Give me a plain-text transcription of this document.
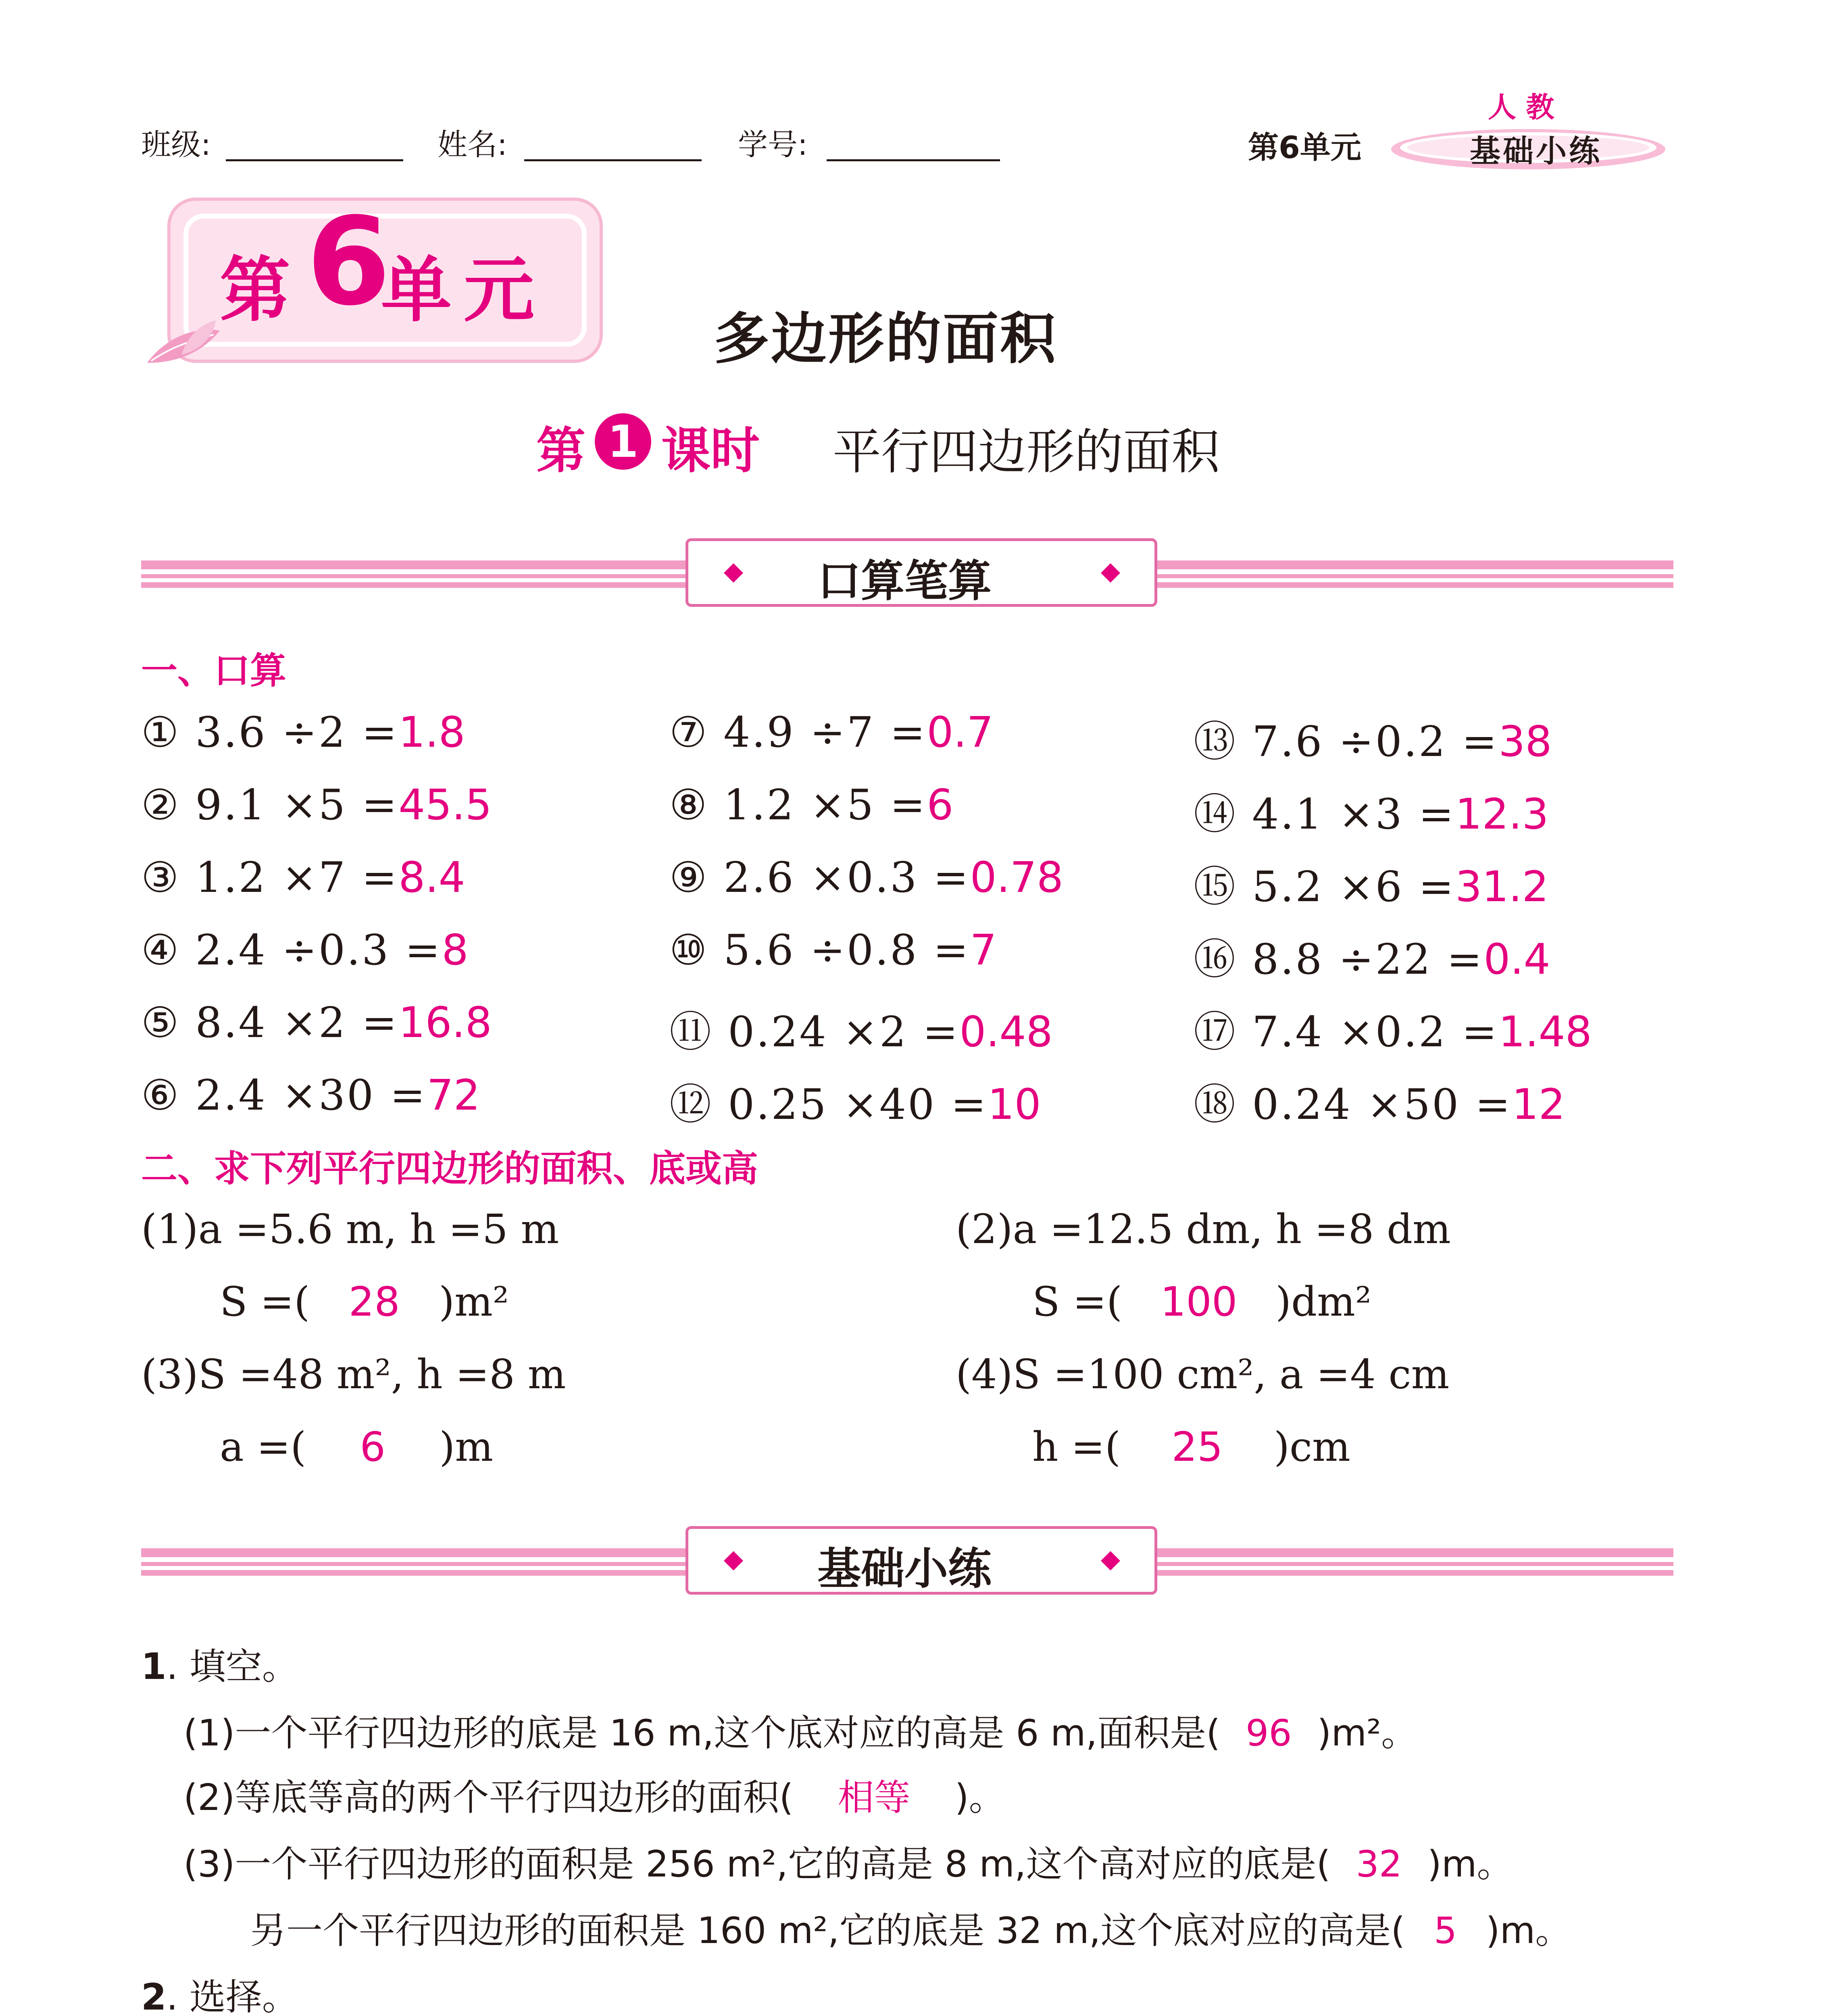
班级:	姓名:	学号:	第6单元	基础小练
人 教
第 6
单元
多边形的面积
第 1 课时 平行四边形的面积
口算笔算
一、口算
① 3.6 ÷2 =1.8
② 9.1 ×5 =45.5
③ 1.2 ×7 =8.4
④ 2.4 ÷0.3 =8
⑤ 8.4 ×2 =16.8
⑥ 2.4 ×30 =72
⑦ 4.9 ÷7 =0.7
⑧ 1.2 ×5 =6
⑨ 2.6 ×0.3 =0.78
⑩ 5.6 ÷0.8 =7
⑪ 0.24 ×2 =0.48
⑫ 0.25 ×40 =10
⑬ 7.6 ÷0.2 =38
⑭ 4.1 ×3 =12.3
⑮ 5.2 ×6 =31.2
⑯ 8.8 ÷22 =0.4
⑰ 7.4 ×0.2 =1.48
⑱ 0.24 ×50 =12
二、求下列平行四边形的面积、底或高
(1)a =5.6 m, h =5 m
S =( 28 )m²
(2)a =12.5 dm, h =8 dm
S =( 100 )dm²
(3)S =48 m², h =8 m
a =( 6 )m
(4)S =100 cm², a =4 cm
h =( 25 )cm
基础小练
1. 填空。
(1)一个平行四边形的底是 16 m,这个底对应的高是 6 m,面积是( 96 )m²。
(2)等底等高的两个平行四边形的面积( 相等 )。
(3)一个平行四边形的面积是 256 m²,它的高是 8 m,这个高对应的底是( 32 )m。
另一个平行四边形的面积是 160 m²,它的底是 32 m,这个底对应的高是( 5 )m。
2. 选择。
